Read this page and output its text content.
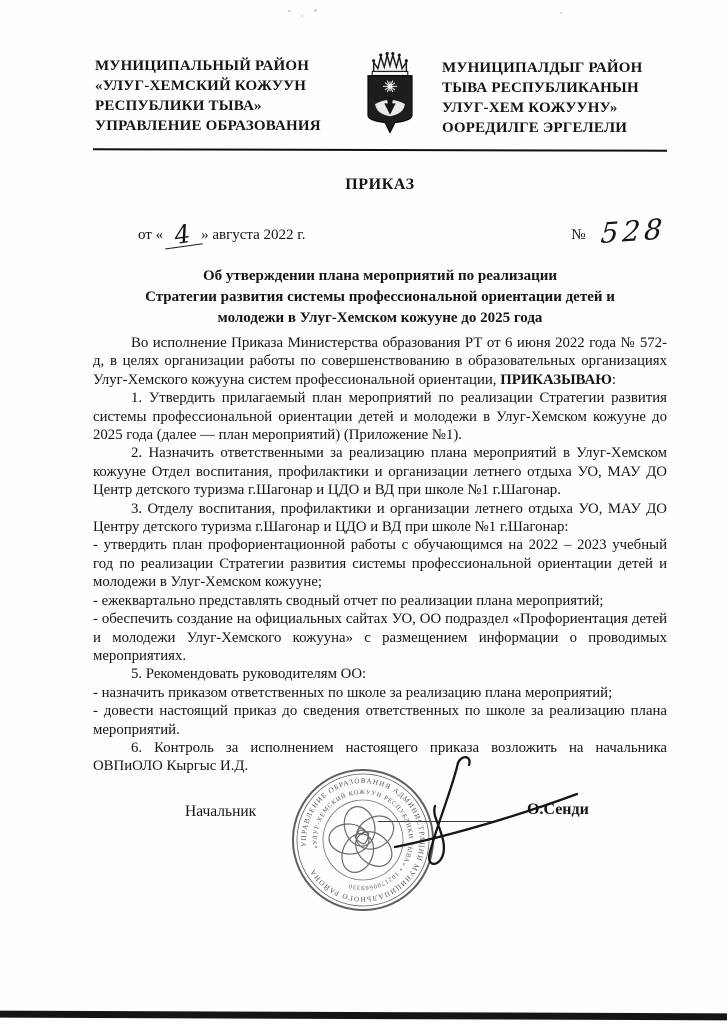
МУНИЦИПАЛЬНЫЙ РАЙОН
«УЛУГ-ХЕМСКИЙ КОЖУУН
РЕСПУБЛИКИ ТЫВА»
УПРАВЛЕНИЕ ОБРАЗОВАНИЯ
МУНИЦИПАЛДЫГ РАЙОН
ТЫВА РЕСПУБЛИКАНЫН
УЛУГ-ХЕМ КОЖУУНУ»
ООРЕДИЛГЕ ЭРГЕЛЕЛИ
ПРИКАЗ
от « 4 » августа 2022 г.	№ 528
Об утверждении плана мероприятий по реализации
Стратегии развития системы профессиональной ориентации детей и
молодежи в Улуг-Хемском кожууне до 2025 года

Во исполнение Приказа Министерства образования РТ от 6 июня 2022 года № 572-д, в целях организации работы по совершенствованию в образовательных организациях Улуг-Хемского кожууна систем профессиональной ориентации, ПРИКАЗЫВАЮ:

1. Утвердить прилагаемый план мероприятий по реализации Стратегии развития системы профессиональной ориентации детей и молодежи в Улуг-Хемском кожууне до 2025 года (далее — план мероприятий) (Приложение №1).

2. Назначить ответственными за реализацию плана мероприятий в Улуг-Хемском кожууне Отдел воспитания, профилактики и организации летнего отдыха УО, МАУ ДО Центр детского туризма г.Шагонар и ЦДО и ВД при школе №1 г.Шагонар.

3. Отделу воспитания, профилактики и организации летнего отдыха УО, МАУ ДО Центру детского туризма г.Шагонар и ЦДО и ВД при школе №1 г.Шагонар:

- утвердить план профориентационной работы с обучающимся на 2022 – 2023 учебный год по реализации Стратегии развития системы профессиональной ориентации детей и молодежи в Улуг-Хемском кожууне;

- ежеквартально представлять сводный отчет по реализации плана мероприятий;

- обеспечить создание на официальных сайтах УО, ОО подраздел «Профориентация детей и молодежи Улуг-Хемского кожууна» с размещением информации о проводимых мероприятиях.

5. Рекомендовать руководителям ОО:

- назначить приказом ответственных по школе за реализацию плана мероприятий;

- довести настоящий приказ до сведения ответственных по школе за реализацию плана мероприятий.

6. Контроль за исполнением настоящего приказа возложить на начальника ОВПиОЛО Кыргыс И.Д.

Начальник	О.Сенди
УПРАВЛЕНИЕ ОБРАЗОВАНИЯ АДМИНИСТРАЦИИ МУНИЦИПАЛЬНОГО РАЙОНА
«УЛУГ-ХЕМСКИЙ КОЖУУН РЕСПУБЛИКИ ТЫВА» • 1021700669330
